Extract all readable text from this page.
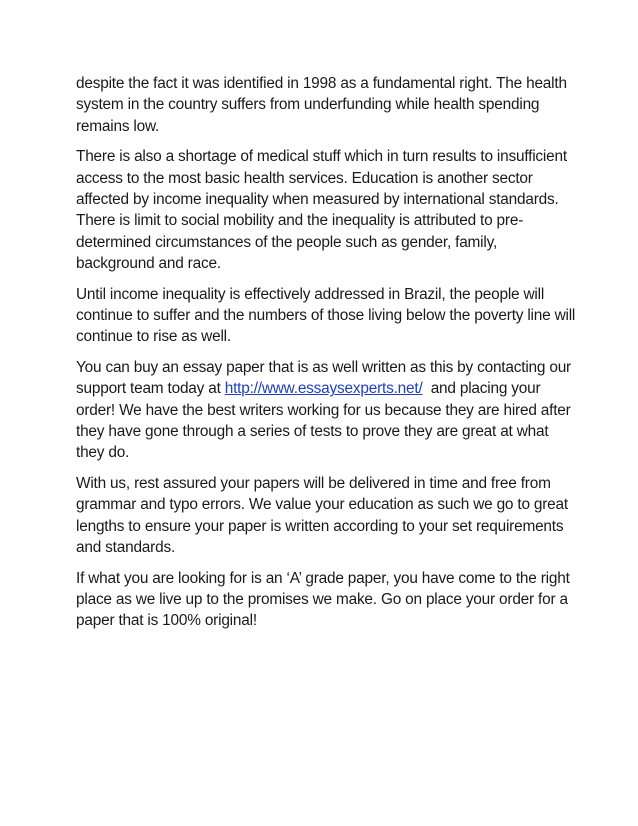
despite the fact it was identified in 1998 as a fundamental right. The health system in the country suffers from underfunding while health spending remains low.

There is also a shortage of medical stuff which in turn results to insufficient access to the most basic health services. Education is another sector affected by income inequality when measured by international standards. There is limit to social mobility and the inequality is attributed to pre-determined circumstances of the people such as gender, family, background and race.

Until income inequality is effectively addressed in Brazil, the people will continue to suffer and the numbers of those living below the poverty line will continue to rise as well.

You can buy an essay paper that is as well written as this by contacting our support team today at http://www.essaysexperts.net/  and placing your order! We have the best writers working for us because they are hired after they have gone through a series of tests to prove they are great at what they do.

With us, rest assured your papers will be delivered in time and free from grammar and typo errors. We value your education as such we go to great lengths to ensure your paper is written according to your set requirements and standards.

If what you are looking for is an ‘A’ grade paper, you have come to the right place as we live up to the promises we make. Go on place your order for a paper that is 100% original!
